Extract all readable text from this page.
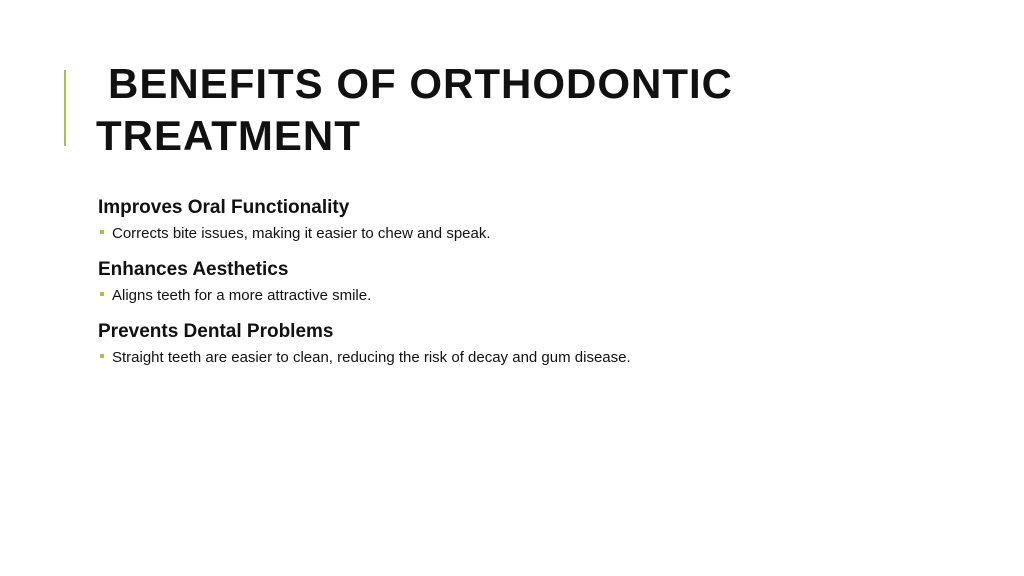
BENEFITS OF ORTHODONTIC
TREATMENT

Improves Oral Functionality

Corrects bite issues, making it easier to chew and speak.

Enhances Aesthetics

Aligns teeth for a more attractive smile.

Prevents Dental Problems

Straight teeth are easier to clean, reducing the risk of decay and gum disease.
